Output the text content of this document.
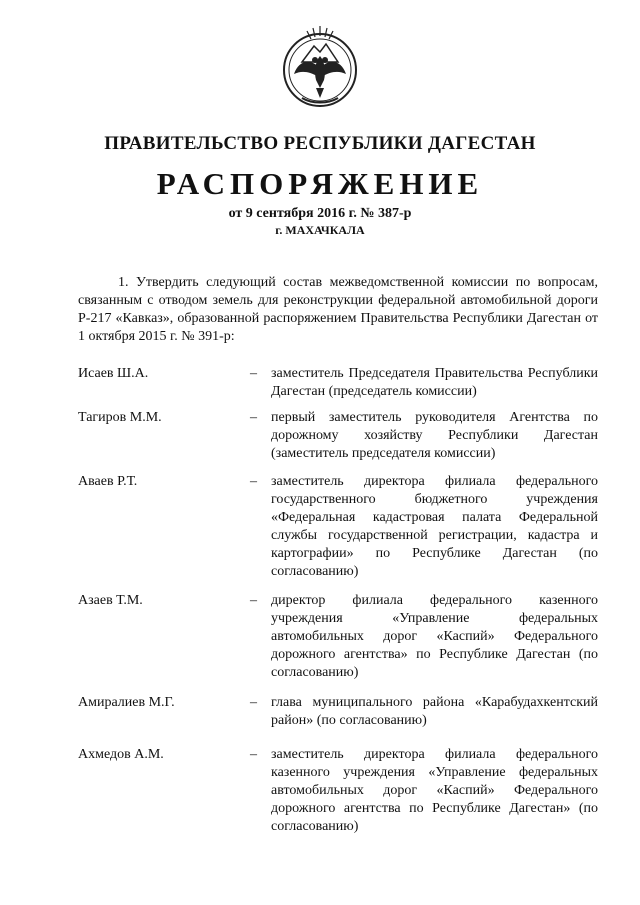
ПРАВИТЕЛЬСТВО РЕСПУБЛИКИ ДАГЕСТАН
РАСПОРЯЖЕНИЕ
от 9 сентября 2016 г. № 387-р
г. МАХАЧКАЛА
1. Утвердить следующий состав межведомственной комиссии по вопросам, связанным с отводом земель для реконструкции федеральной автомобильной дороги Р-217 «Кавказ», образованной распоряжением Правительства Республики Дагестан от 1 октября 2015 г. № 391-р:
Исаев Ш.А.	– заместитель Председателя Правительства Республики Дагестан (председатель комиссии)
Тагиров М.М.	– первый заместитель руководителя Агентства по дорожному хозяйству Республики Дагестан (заместитель председателя комиссии)
Аваев Р.Т.	– заместитель директора филиала федерального государственного бюджетного учреждения «Федеральная кадастровая палата Федеральной службы государственной регистрации, кадастра и картографии» по Республике Дагестан (по согласованию)
Азаев Т.М.	– директор филиала федерального казенного учреждения «Управление федеральных автомобильных дорог «Каспий» Федерального дорожного агентства» по Республике Дагестан (по согласованию)
Амиралиев М.Г.	– глава муниципального района «Карабудахкентский район» (по согласованию)
Ахмедов А.М.	– заместитель директора филиала федерального казенного учреждения «Управление федеральных автомобильных дорог «Каспий» Федерального дорожного агентства по Республике Дагестан» (по согласованию)
